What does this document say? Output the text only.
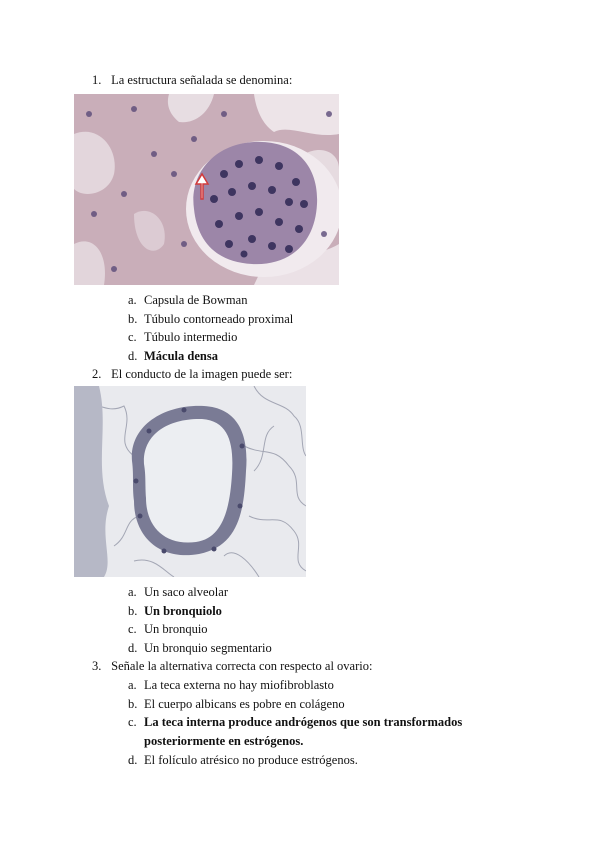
1. La estructura señalada se denomina:
a. Capsula de Bowman
b. Túbulo contorneado proximal
c. Túbulo intermedio
d. Mácula densa
2. El conducto de la imagen puede ser:
a. Un saco alveolar
b. Un bronquiolo
c. Un bronquio
d. Un bronquio segmentario
3. Señale la alternativa correcta con respecto al ovario:
a. La teca externa no hay miofibroblasto
b. El cuerpo albicans es pobre en colágeno
c. La teca interna produce andrógenos que son transformados
posteriormente en estrógenos.
d. El folículo atrésico no produce estrógenos.
